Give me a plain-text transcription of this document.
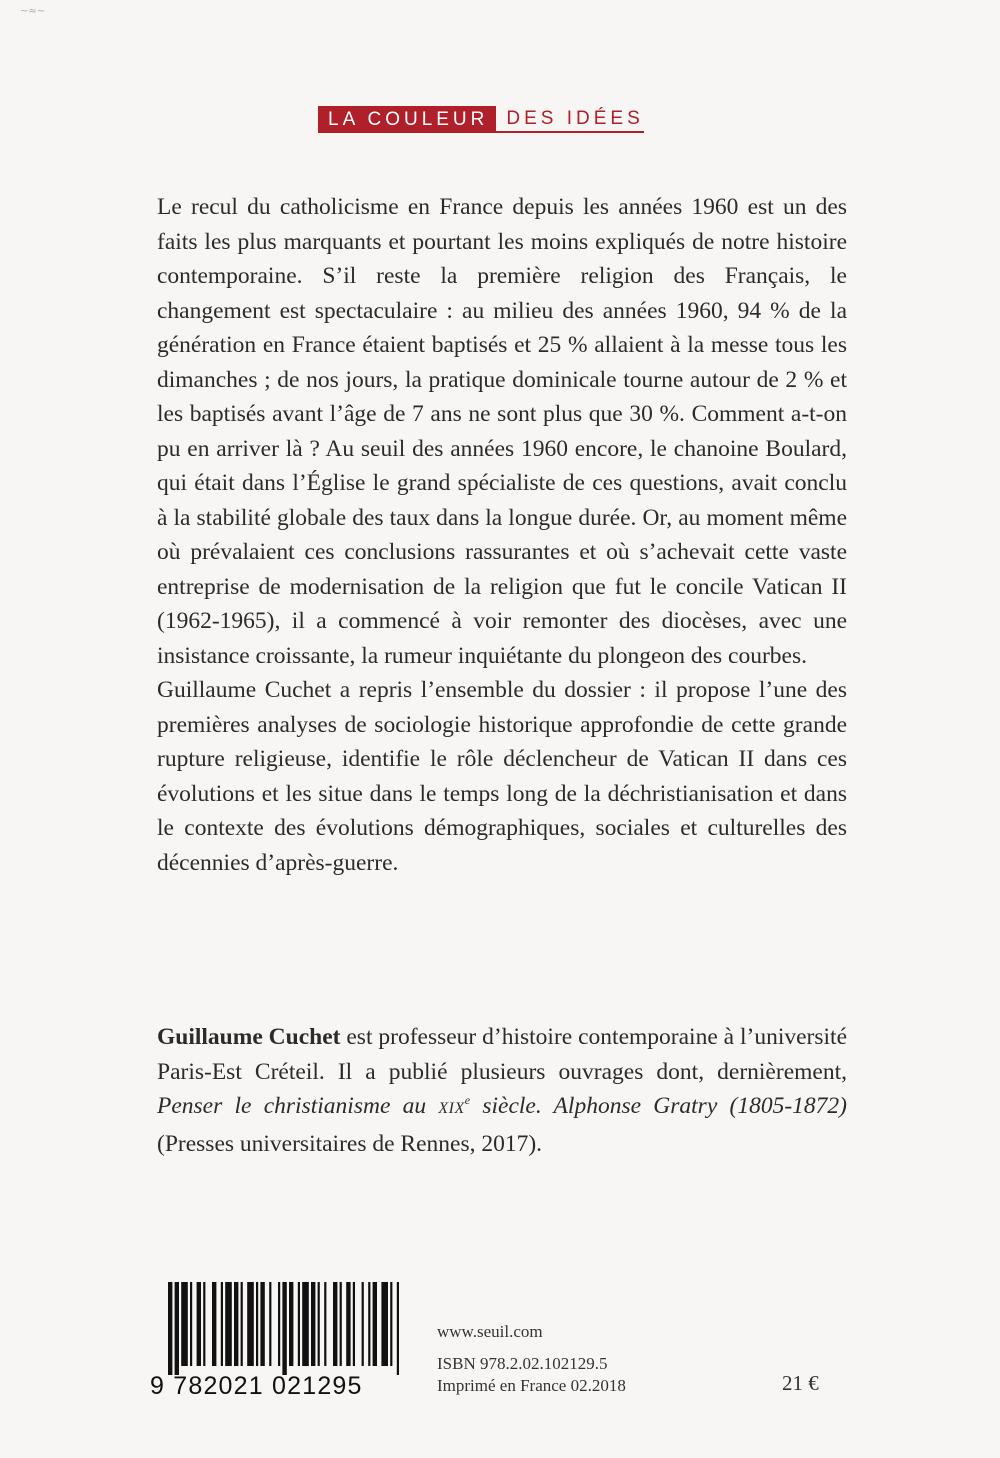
~≈~
LA COULEUR DES IDÉES

Le recul du catholicisme en France depuis les années 1960 est un des faits les plus marquants et pourtant les moins expliqués de notre histoire contemporaine. S’il reste la première religion des Français, le changement est spectaculaire : au milieu des années 1960, 94 % de la génération en France étaient baptisés et 25 % allaient à la messe tous les dimanches ; de nos jours, la pratique dominicale tourne autour de 2 % et les baptisés avant l’âge de 7 ans ne sont plus que 30 %. Comment a-t-on pu en arriver là ? Au seuil des années 1960 encore, le chanoine Boulard, qui était dans l’Église le grand spécialiste de ces questions, avait conclu à la stabilité globale des taux dans la longue durée. Or, au moment même où prévalaient ces conclusions rassurantes et où s’achevait cette vaste entreprise de modernisation de la religion que fut le concile Vatican II (1962-1965), il a commencé à voir remonter des diocèses, avec une insistance croissante, la rumeur inquiétante du plongeon des courbes.

Guillaume Cuchet a repris l’ensemble du dossier : il propose l’une des premières analyses de sociologie historique approfondie de cette grande rupture religieuse, identifie le rôle déclencheur de Vatican II dans ces évolutions et les situe dans le temps long de la déchristianisation et dans le contexte des évolutions démographiques, sociales et culturelles des décennies d’après-guerre.

Guillaume Cuchet est professeur d’histoire contemporaine à l’université Paris-Est Créteil. Il a publié plusieurs ouvrages dont, dernièrement, Penser le christianisme au XIXe siècle. Alphonse Gratry (1805-1872) (Presses universitaires de Rennes, 2017).

9 782021 021295
www.seuil.com
ISBN 978.2.02.102129.5
Imprimé en France 02.2018	21 €
